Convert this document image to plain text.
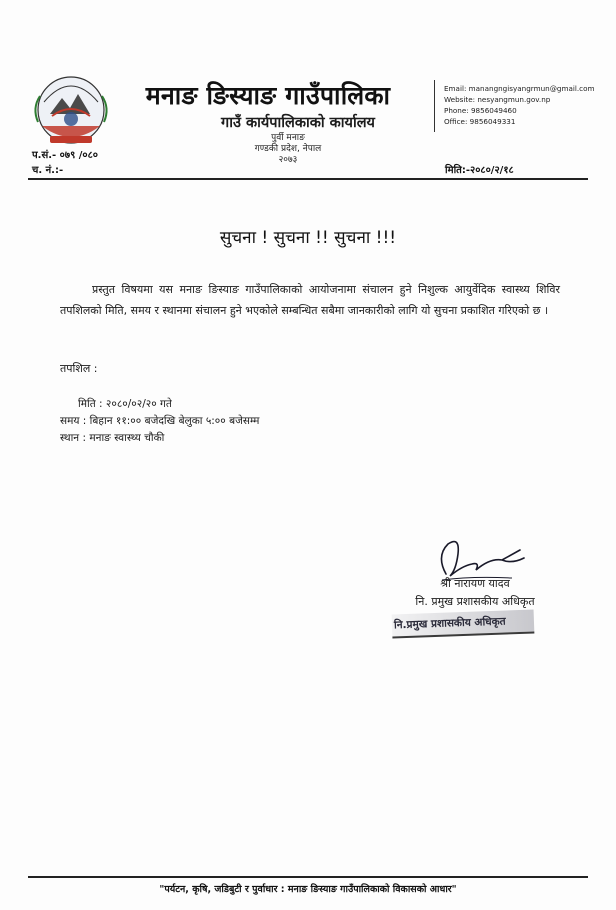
मनाङ ङिस्याङ गाउँपालिका
गाउँ कार्यपालिकाको कार्यालय
पुर्वी मनाङ
गण्डकी प्रदेश, नेपाल
२०७३
Email: manangngisyangrmun@gmail.com
Website: nesyangmun.gov.np
Phone: 9856049460
Office: 9856049331
प.सं.- ०७९ /०८०
च. नं.:-	मिति:-२०८०/२/१८
सुचना ! सुचना !! सुचना !!!
प्रस्तुत विषयमा यस मनाङ ङिस्याङ गाउँपालिकाको आयोजनामा संचालन हुने निशुल्क आयुर्वेदिक स्वास्थ्य शिविर तपशिलको मिति, समय र स्थानमा संचालन हुने भएकोले सम्बन्धित सबैमा जानकारीको लागि यो सुचना प्रकाशित गरिएको छ ।
तपशिल :
मिति : २०८०/०२/२० गते
समय : बिहान ११:०० बजेदखि बेलुका ५:०० बजेसम्म
स्थान : मनाङ स्वास्थ्य चौकी
श्री नारायण यादव
नि. प्रमुख प्रशासकीय अधिकृत
नि.प्रमुख प्रशासकीय अधिकृत
"पर्यटन, कृषि, जडिबुटी र पुर्वाधार : मनाङ ङिस्याङ गाउँपालिकाको विकासको आधार"
